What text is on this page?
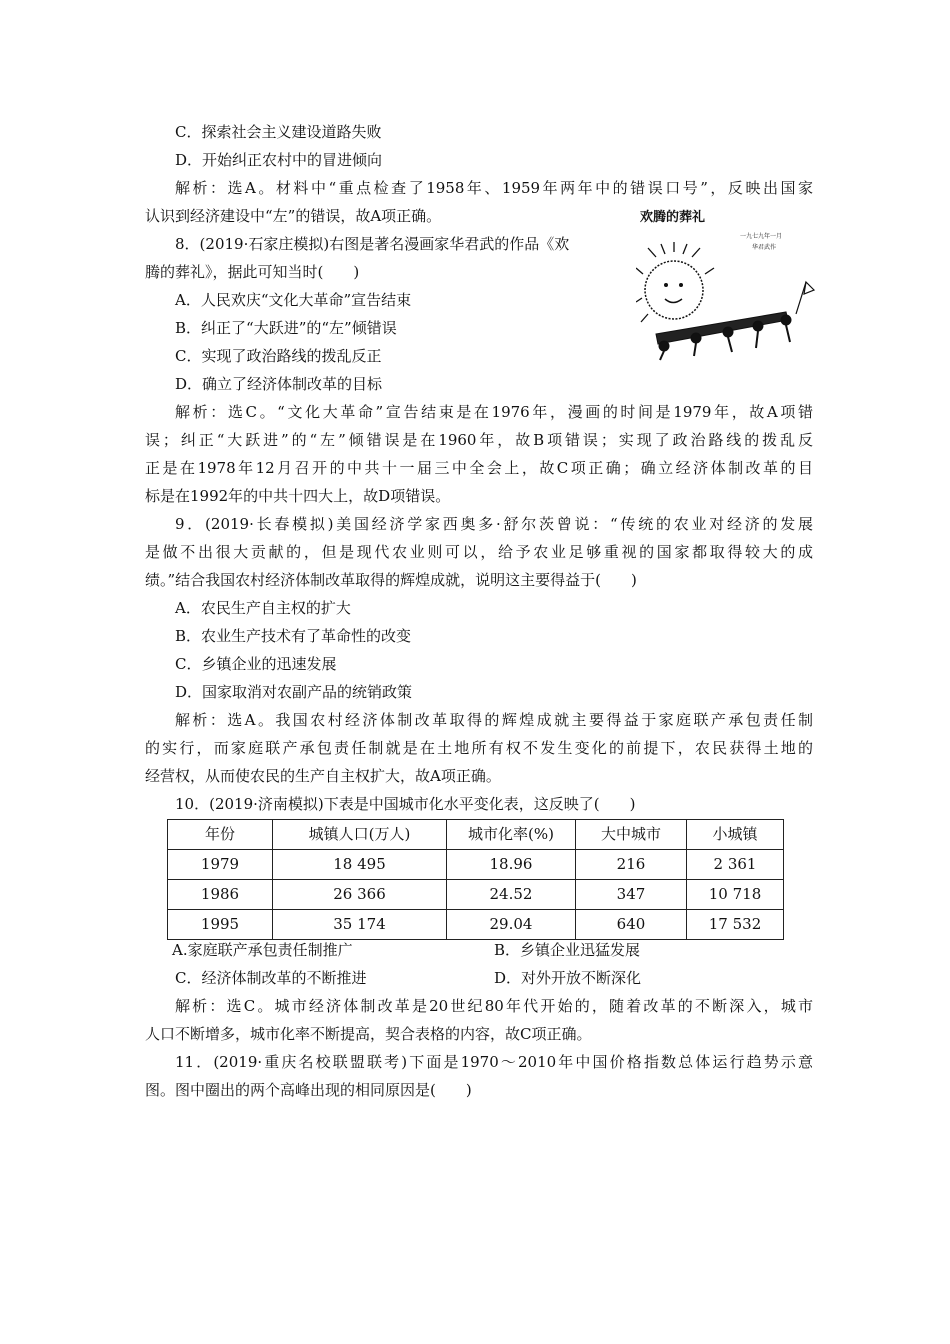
C．探索社会主义建设道路失败
D．开始纠正农村中的冒进倾向
解析：选A。材料中“重点检查了1958年、1959年两年中的错误口号”，反映出国家
认识到经济建设中“左”的错误，故A项正确。
8．(2019·石家庄模拟)右图是著名漫画家华君武的作品《欢
腾的葬礼》，据此可知当时(　　)
A．人民欢庆“文化大革命”宣告结束
B．纠正了“大跃进”的“左”倾错误
C．实现了政治路线的拨乱反正
D．确立了经济体制改革的目标
欢腾的葬礼
一九七九年一月
华君武作
解析：选C。“文化大革命”宣告结束是在1976年，漫画的时间是1979年，故A项错
误；纠正“大跃进”的“左”倾错误是在1960年，故B项错误；实现了政治路线的拨乱反
正是在1978年12月召开的中共十一届三中全会上，故C项正确；确立经济体制改革的目
标是在1992年的中共十四大上，故D项错误。
9．(2019·长春模拟)美国经济学家西奥多·舒尔茨曾说：“传统的农业对经济的发展
是做不出很大贡献的，但是现代农业则可以，给予农业足够重视的国家都取得较大的成
绩。”结合我国农村经济体制改革取得的辉煌成就，说明这主要得益于(　　)
A．农民生产自主权的扩大
B．农业生产技术有了革命性的改变
C．乡镇企业的迅速发展
D．国家取消对农副产品的统销政策
解析：选A。我国农村经济体制改革取得的辉煌成就主要得益于家庭联产承包责任制
的实行，而家庭联产承包责任制就是在土地所有权不发生变化的前提下，农民获得土地的
经营权，从而使农民的生产自主权扩大，故A项正确。
10．(2019·济南模拟)下表是中国城市化水平变化表，这反映了(　　)
年份	城镇人口(万人)	城市化率(%)	大中城市	小城镇
1979	18 495	18.96	216	2 361
1986	26 366	24.52	347	10 718
1995	35 174	29.04	640	17 532
A.家庭联产承包责任制推广	B．乡镇企业迅猛发展
C．经济体制改革的不断推进	D．对外开放不断深化
解析：选C。城市经济体制改革是20世纪80年代开始的，随着改革的不断深入，城市
人口不断增多，城市化率不断提高，契合表格的内容，故C项正确。
11．(2019·重庆名校联盟联考)下面是1970～2010年中国价格指数总体运行趋势示意
图。图中圈出的两个高峰出现的相同原因是(　　)
